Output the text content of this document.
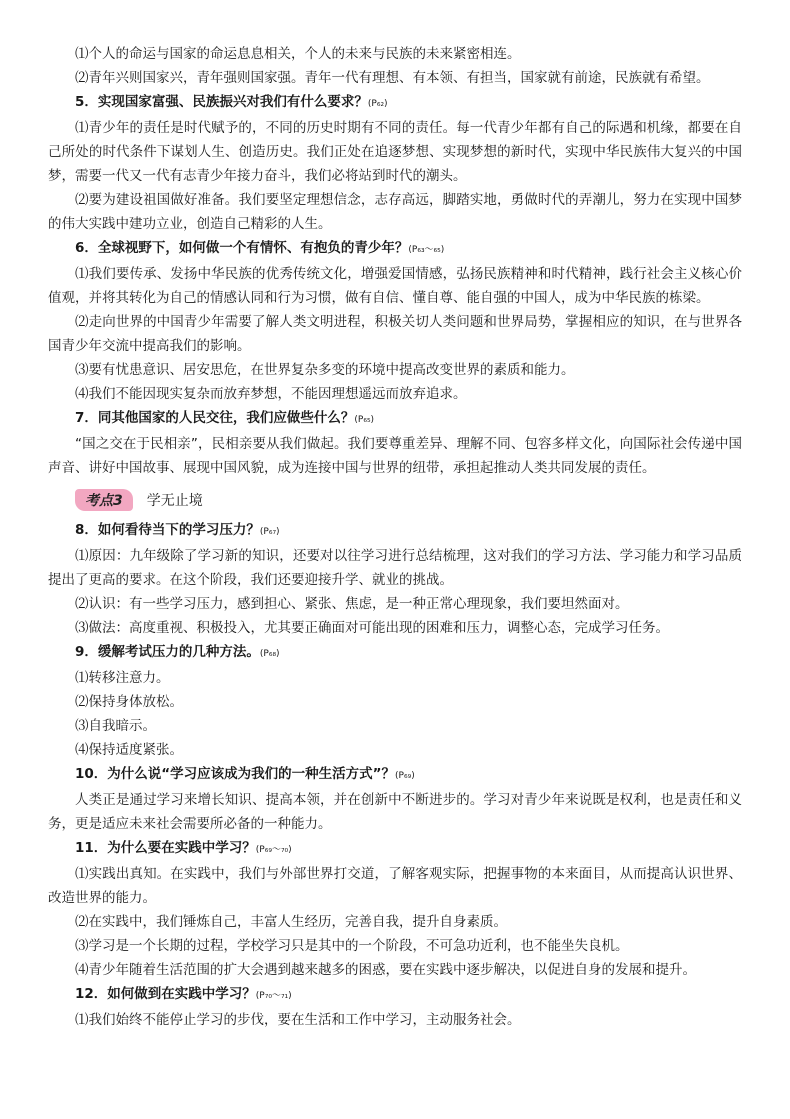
⑴个人的命运与国家的命运息息相关，个人的未来与民族的未来紧密相连。

⑵青年兴则国家兴，青年强则国家强。青年一代有理想、有本领、有担当，国家就有前途，民族就有希望。

5．实现国家富强、民族振兴对我们有什么要求？(P₆₂)

⑴青少年的责任是时代赋予的，不同的历史时期有不同的责任。每一代青少年都有自己的际遇和机缘，都要在自己所处的时代条件下谋划人生、创造历史。我们正处在追逐梦想、实现梦想的新时代，实现中华民族伟大复兴的中国梦，需要一代又一代有志青少年接力奋斗，我们必将站到时代的潮头。

⑵要为建设祖国做好准备。我们要坚定理想信念，志存高远，脚踏实地，勇做时代的弄潮儿，努力在实现中国梦的伟大实践中建功立业，创造自己精彩的人生。

6．全球视野下，如何做一个有情怀、有抱负的青少年？(P₆₃～₆₅)

⑴我们要传承、发扬中华民族的优秀传统文化，增强爱国情感，弘扬民族精神和时代精神，践行社会主义核心价值观，并将其转化为自己的情感认同和行为习惯，做有自信、懂自尊、能自强的中国人，成为中华民族的栋梁。

⑵走向世界的中国青少年需要了解人类文明进程，积极关切人类问题和世界局势，掌握相应的知识，在与世界各国青少年交流中提高我们的影响。

⑶要有忧患意识、居安思危，在世界复杂多变的环境中提高改变世界的素质和能力。

⑷我们不能因现实复杂而放弃梦想，不能因理想遥远而放弃追求。

7．同其他国家的人民交往，我们应做些什么？(P₆₅)

“国之交在于民相亲”，民相亲要从我们做起。我们要尊重差异、理解不同、包容多样文化，向国际社会传递中国声音、讲好中国故事、展现中国风貌，成为连接中国与世界的纽带，承担起推动人类共同发展的责任。

考点3	学无止境

8．如何看待当下的学习压力？(P₆₇)

⑴原因：九年级除了学习新的知识，还要对以往学习进行总结梳理，这对我们的学习方法、学习能力和学习品质提出了更高的要求。在这个阶段，我们还要迎接升学、就业的挑战。

⑵认识：有一些学习压力，感到担心、紧张、焦虑，是一种正常心理现象，我们要坦然面对。

⑶做法：高度重视、积极投入，尤其要正确面对可能出现的困难和压力，调整心态，完成学习任务。

9．缓解考试压力的几种方法。(P₆₈)

⑴转移注意力。

⑵保持身体放松。

⑶自我暗示。

⑷保持适度紧张。

10．为什么说“学习应该成为我们的一种生活方式”？(P₆₉)

人类正是通过学习来增长知识、提高本领，并在创新中不断进步的。学习对青少年来说既是权利，也是责任和义务，更是适应未来社会需要所必备的一种能力。

11．为什么要在实践中学习？(P₆₉～₇₀)

⑴实践出真知。在实践中，我们与外部世界打交道，了解客观实际，把握事物的本来面目，从而提高认识世界、改造世界的能力。

⑵在实践中，我们锤炼自己，丰富人生经历，完善自我，提升自身素质。

⑶学习是一个长期的过程，学校学习只是其中的一个阶段，不可急功近利，也不能坐失良机。

⑷青少年随着生活范围的扩大会遇到越来越多的困惑，要在实践中逐步解决，以促进自身的发展和提升。

12．如何做到在实践中学习？(P₇₀～₇₁)

⑴我们始终不能停止学习的步伐，要在生活和工作中学习，主动服务社会。
